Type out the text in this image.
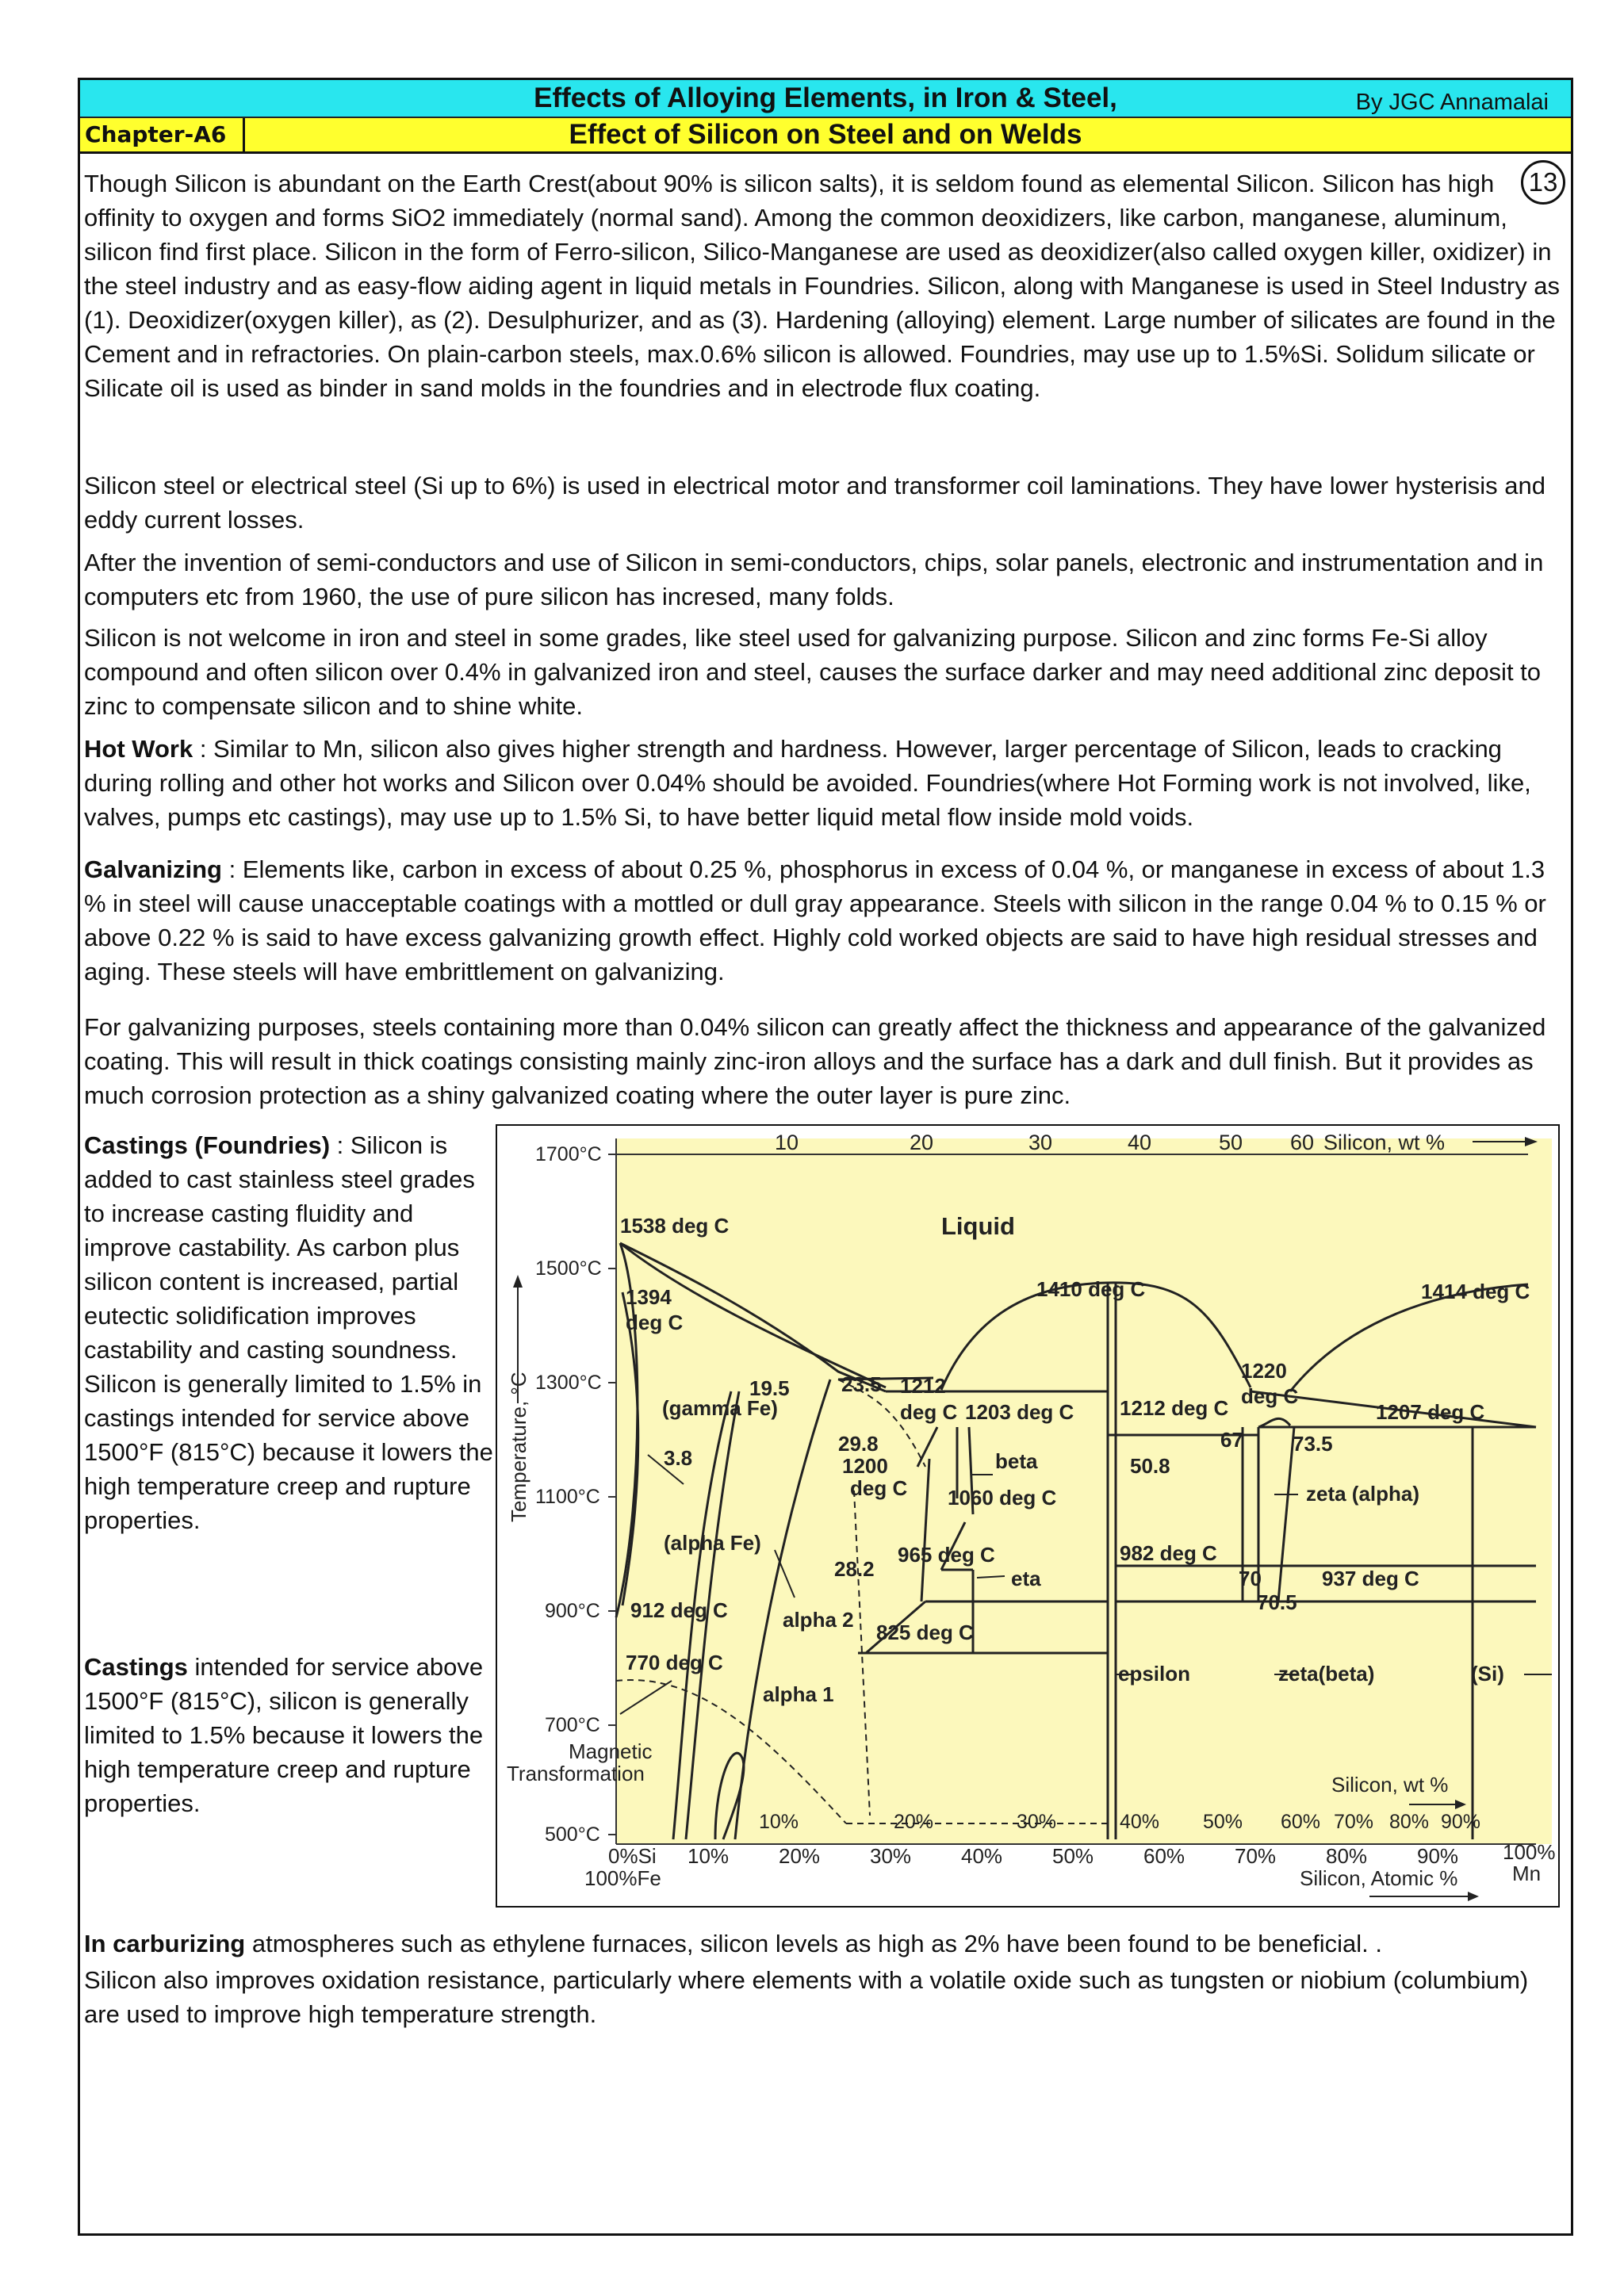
Effects of Alloying Elements, in Iron & Steel,	By JGC Annamalai
Effect of Silicon on Steel and on Welds
Chapter-A6

Though Silicon is abundant on the Earth Crest(about 90% is silicon salts), it is seldom found as elemental Silicon. Silicon has high offinity to oxygen and forms SiO2 immediately (normal sand). Among the common deoxidizers, like carbon, manganese, aluminum, silicon find first place. Silicon in the form of Ferro-silicon, Silico-Manganese are used as deoxidizer(also called oxygen killer, oxidizer) in the steel industry and as easy-flow aiding agent in liquid metals in Foundries. Silicon, along with Manganese is used in Steel Industry as (1). Deoxidizer(oxygen killer), as (2). Desulphurizer, and as (3). Hardening (alloying) element. Large number of silicates are found in the Cement and in refractories. On plain-carbon steels, max.0.6% silicon is allowed. Foundries, may use up to 1.5%Si. Solidum silicate or Silicate oil is used as binder in sand molds in the foundries and in electrode flux coating.

13

Silicon steel or electrical steel (Si up to 6%) is used in electrical motor and transformer coil laminations. They have lower hysterisis and eddy current losses.

After the invention of semi-conductors and use of Silicon in semi-conductors, chips, solar panels, electronic and instrumentation and in computers etc from 1960, the use of pure silicon has incresed, many folds.

Silicon is not welcome in iron and steel in some grades, like steel used for galvanizing purpose. Silicon and zinc forms Fe-Si alloy compound and often silicon over 0.4% in galvanized iron and steel, causes the surface darker and may need additional zinc deposit to zinc to compensate silicon and to shine white.

Hot Work : Similar to Mn, silicon also gives higher strength and hardness. However, larger percentage of Silicon, leads to cracking during rolling and other hot works and Silicon over 0.04% should be avoided. Foundries(where Hot Forming work is not involved, like, valves, pumps etc castings), may use up to 1.5% Si, to have better liquid metal flow inside mold voids.

Galvanizing : Elements like, carbon in excess of about 0.25 %, phosphorus in excess of 0.04 %, or manganese in excess of about 1.3 % in steel will cause unacceptable coatings with a mottled or dull gray appearance. Steels with silicon in the range 0.04 % to 0.15 % or above 0.22 % is said to have excess galvanizing growth effect. Highly cold worked objects are said to have high residual stresses and aging. These steels will have embrittlement on galvanizing.

For galvanizing purposes, steels containing more than 0.04% silicon can greatly affect the thickness and appearance of the galvanized coating. This will result in thick coatings consisting mainly zinc-iron alloys and the surface has a dark and dull finish. But it provides as much corrosion protection as a shiny galvanized coating where the outer layer is pure zinc.

Castings (Foundries) : Silicon is added to cast stainless steel grades to increase casting fluidity and improve castability. As carbon plus silicon content is increased, partial eutectic solidification improves castability and casting soundness. Silicon is generally limited to 1.5% in castings intended for service above 1500°F (815°C) because it lowers the high temperature creep and rupture properties.

Castings intended for service above 1500°F (815°C), silicon is generally limited to 1.5% because it lowers the high temperature creep and rupture properties.

1700°C
1500°C
1300°C
1100°C
900°C
700°C
500°C
Temperature, °C
10	20	30	40	50 60 Silicon, wt %
Liquid
1538 deg C
1394
deg C
1410 deg C	1414 deg C
1220
deg C
19.5	23.5 1212
deg C 1203 deg C 1212 deg C	1207 deg C
(gamma Fe)
3.8
29.8
1200
deg C
beta	50.8
67 73.5
zeta (alpha)
1060 deg C
(alpha Fe)	965 deg C
28.2	eta
982 deg C
70	937 deg C
70.5
912 deg C	alpha 2
825 deg C
770 deg C
alpha 1
epsilon	zeta(beta)	(Si)
Magnetic
Transformation	Silicon, wt %
10%	20%	30%	40% 50% 60% 70% 80% 90%
0%Si
100%Fe
10% 20% 30% 40% 50% 60% 70% 80% 90% 100%
Mn
Silicon, Atomic %

In carburizing atmospheres such as ethylene furnaces, silicon levels as high as 2% have been found to be beneficial. .

Silicon also improves oxidation resistance, particularly where elements with a volatile oxide such as tungsten or niobium (columbium) are used to improve high temperature strength.
